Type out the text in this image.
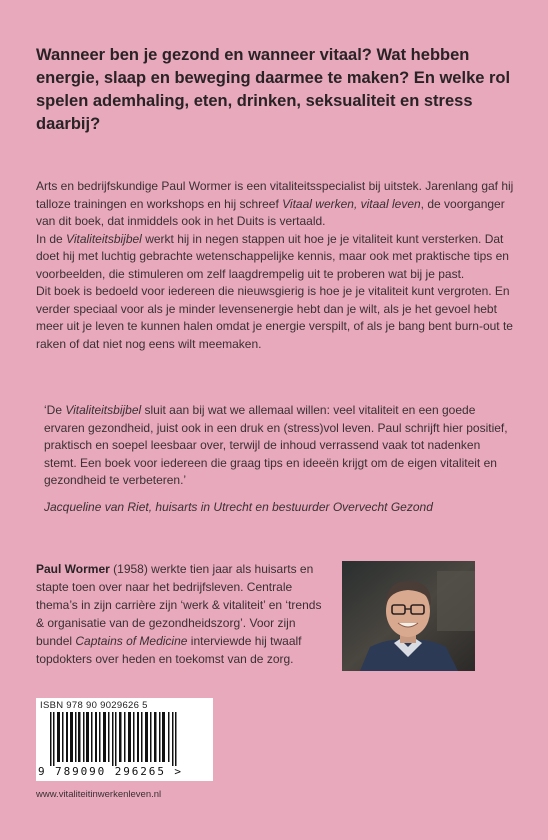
Wanneer ben je gezond en wanneer vitaal? Wat hebben energie, slaap en beweging daarmee te maken? En welke rol spelen ademhaling, eten, drinken, seksualiteit en stress daarbij?

Arts en bedrijfskundige Paul Wormer is een vitaliteitsspecialist bij uitstek. Jarenlang gaf hij talloze trainingen en workshops en hij schreef Vitaal werken, vitaal leven, de voorganger van dit boek, dat inmiddels ook in het Duits is vertaald.

In de Vitaliteitsbijbel werkt hij in negen stappen uit hoe je je vitaliteit kunt versterken. Dat doet hij met luchtig gebrachte wetenschappelijke kennis, maar ook met praktische tips en voorbeelden, die stimuleren om zelf laagdrempelig uit te proberen wat bij je past.

Dit boek is bedoeld voor iedereen die nieuwsgierig is hoe je je vitaliteit kunt vergroten. En verder speciaal voor als je minder levensenergie hebt dan je wilt, als je het gevoel hebt meer uit je leven te kunnen halen omdat je energie verspilt, of als je bang bent burn-out te raken of dat niet nog eens wilt meemaken.

‘De Vitaliteitsbijbel sluit aan bij wat we allemaal willen: veel vitaliteit en een goede ervaren gezondheid, juist ook in een druk en (stress)vol leven. Paul schrijft hier positief, praktisch en soepel leesbaar over, terwijl de inhoud verrassend vaak tot nadenken stemt. Een boek voor iedereen die graag tips en ideeën krijgt om de eigen vitaliteit en gezondheid te verbeteren.’

Jacqueline van Riet, huisarts in Utrecht en bestuurder Overvecht Gezond

Paul Wormer (1958) werkte tien jaar als huisarts en stapte toen over naar het bedrijfsleven. Centrale thema’s in zijn carrière zijn ‘werk & vitaliteit’ en ‘trends & organisatie van de gezondheidszorg’. Voor zijn bundel Captains of Medicine interviewde hij twaalf topdokters over heden en toekomst van de zorg.

ISBN 978 90 9029626 5
9 789090 296265 >
www.vitaliteitinwerkenleven.nl
